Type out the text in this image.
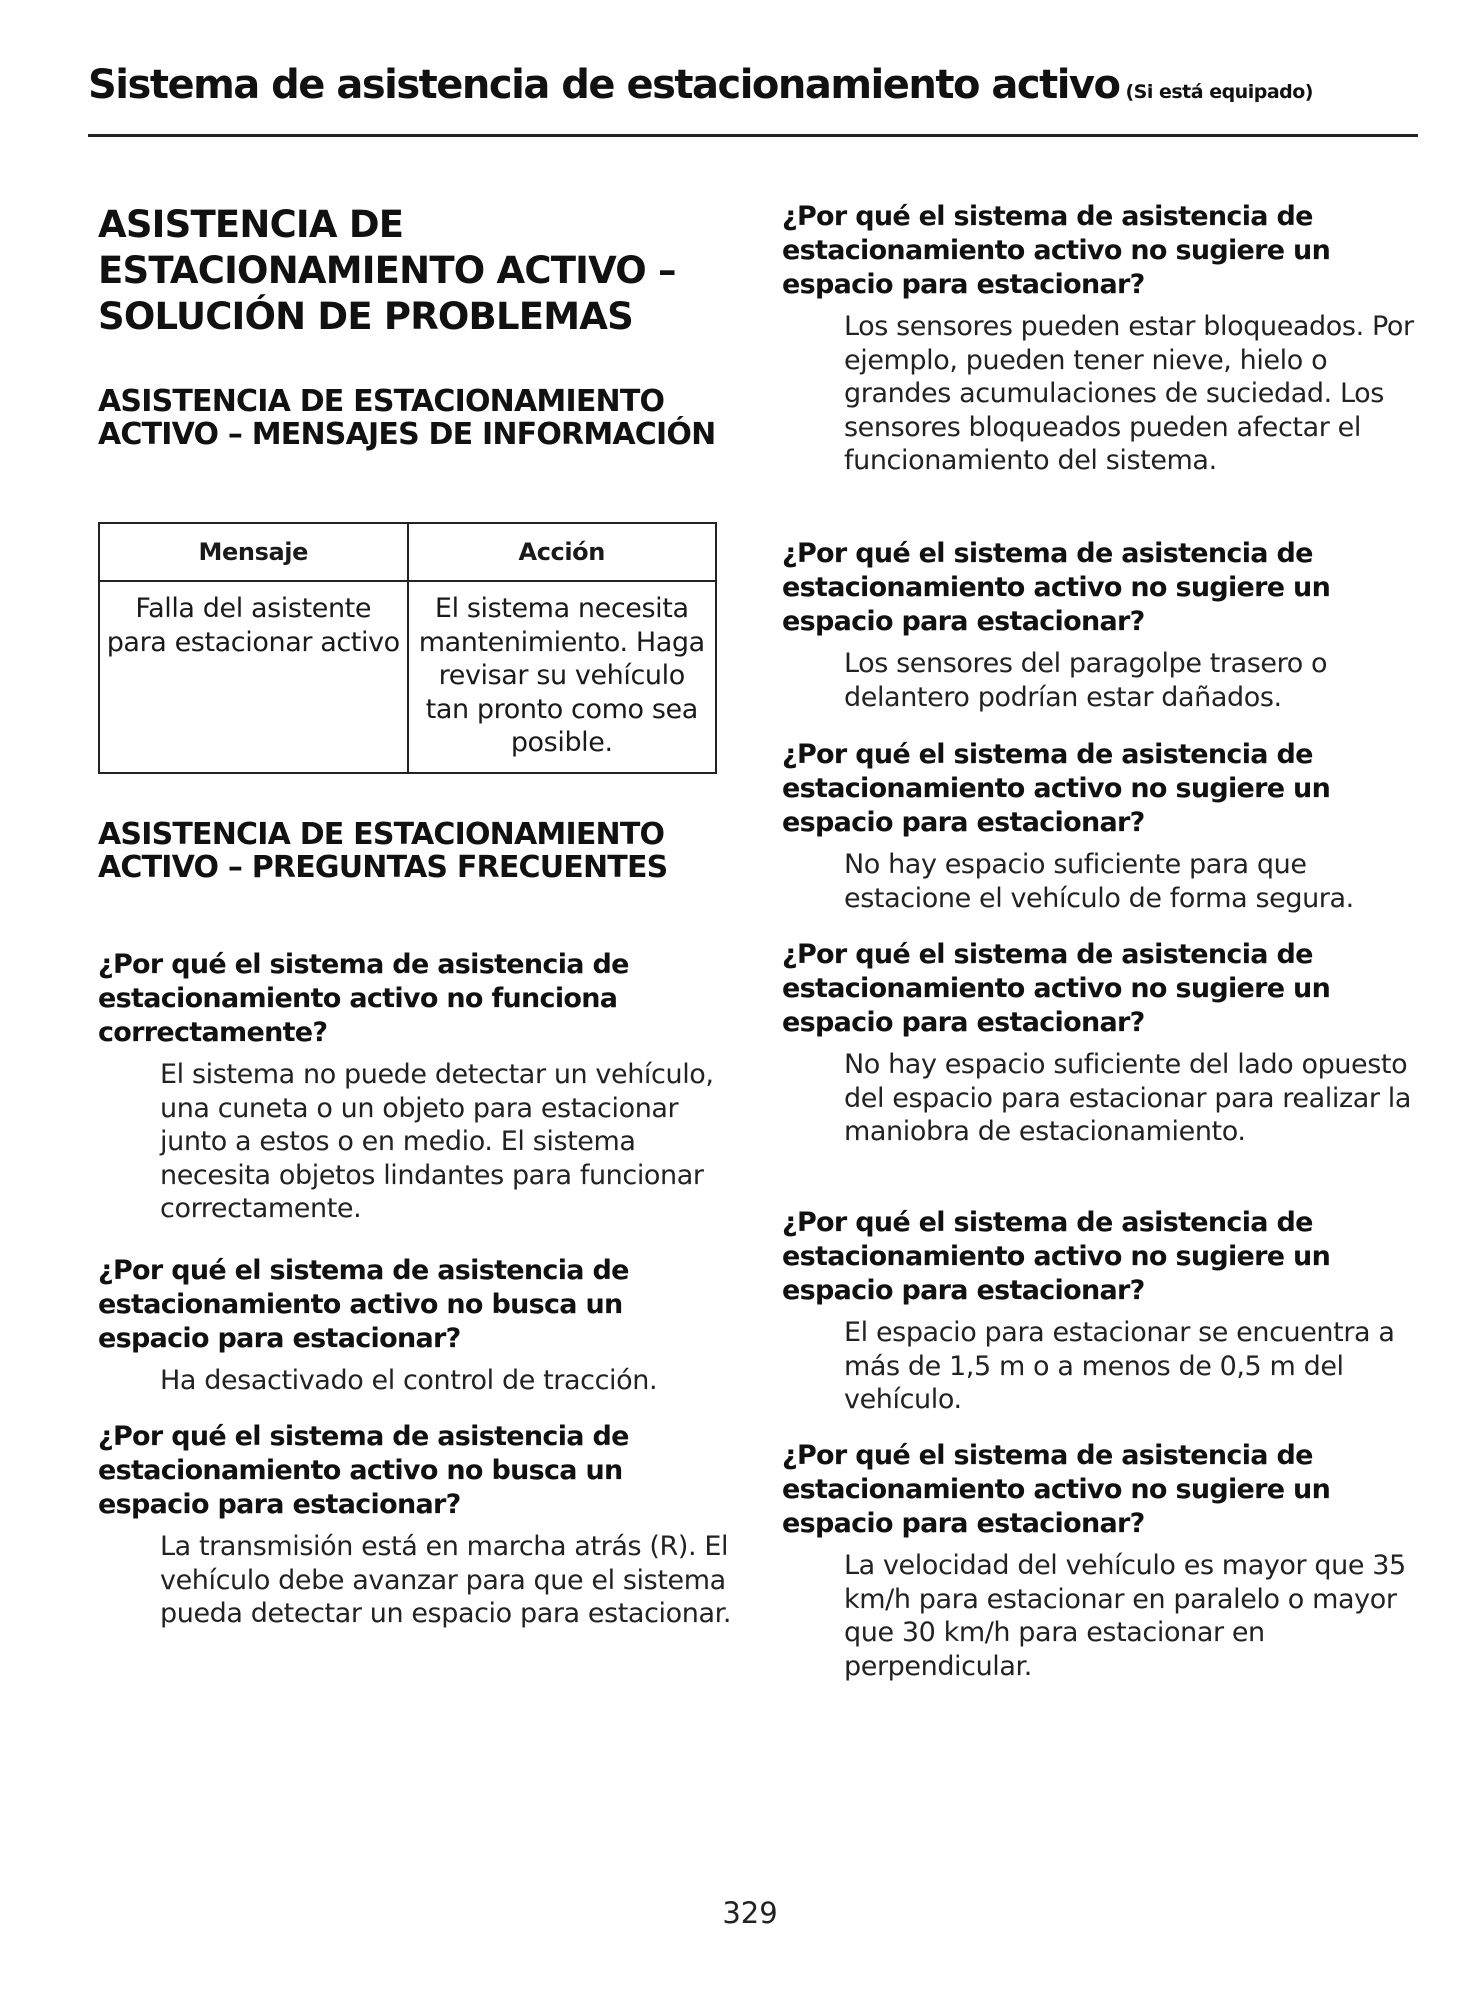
Sistema de asistencia de estacionamiento activo (Si está equipado)
ASISTENCIA DE ESTACIONAMIENTO ACTIVO – SOLUCIÓN DE PROBLEMAS
ASISTENCIA DE ESTACIONAMIENTO ACTIVO – MENSAJES DE INFORMACIÓN
Mensaje	Acción
Falla del asistente para estacionar activo	El sistema necesita mantenimiento. Haga revisar su vehículo tan pronto como sea posible.
ASISTENCIA DE ESTACIONAMIENTO ACTIVO – PREGUNTAS FRECUENTES

¿Por qué el sistema de asistencia de estacionamiento activo no funciona correctamente?

El sistema no puede detectar un vehículo, una cuneta o un objeto para estacionar junto a estos o en medio. El sistema necesita objetos lindantes para funcionar correctamente.

¿Por qué el sistema de asistencia de estacionamiento activo no busca un espacio para estacionar?

Ha desactivado el control de tracción.

¿Por qué el sistema de asistencia de estacionamiento activo no busca un espacio para estacionar?

La transmisión está en marcha atrás (R). El vehículo debe avanzar para que el sistema pueda detectar un espacio para estacionar.

¿Por qué el sistema de asistencia de estacionamiento activo no sugiere un espacio para estacionar?

Los sensores pueden estar bloqueados. Por ejemplo, pueden tener nieve, hielo o grandes acumulaciones de suciedad. Los sensores bloqueados pueden afectar el funcionamiento del sistema.

¿Por qué el sistema de asistencia de estacionamiento activo no sugiere un espacio para estacionar?

Los sensores del paragolpe trasero o delantero podrían estar dañados.

¿Por qué el sistema de asistencia de estacionamiento activo no sugiere un espacio para estacionar?

No hay espacio suficiente para que estacione el vehículo de forma segura.

¿Por qué el sistema de asistencia de estacionamiento activo no sugiere un espacio para estacionar?

No hay espacio suficiente del lado opuesto del espacio para estacionar para realizar la maniobra de estacionamiento.

¿Por qué el sistema de asistencia de estacionamiento activo no sugiere un espacio para estacionar?

El espacio para estacionar se encuentra a más de 1,5 m o a menos de 0,5 m del vehículo.

¿Por qué el sistema de asistencia de estacionamiento activo no sugiere un espacio para estacionar?

La velocidad del vehículo es mayor que 35 km/h para estacionar en paralelo o mayor que 30 km/h para estacionar en perpendicular.

329
